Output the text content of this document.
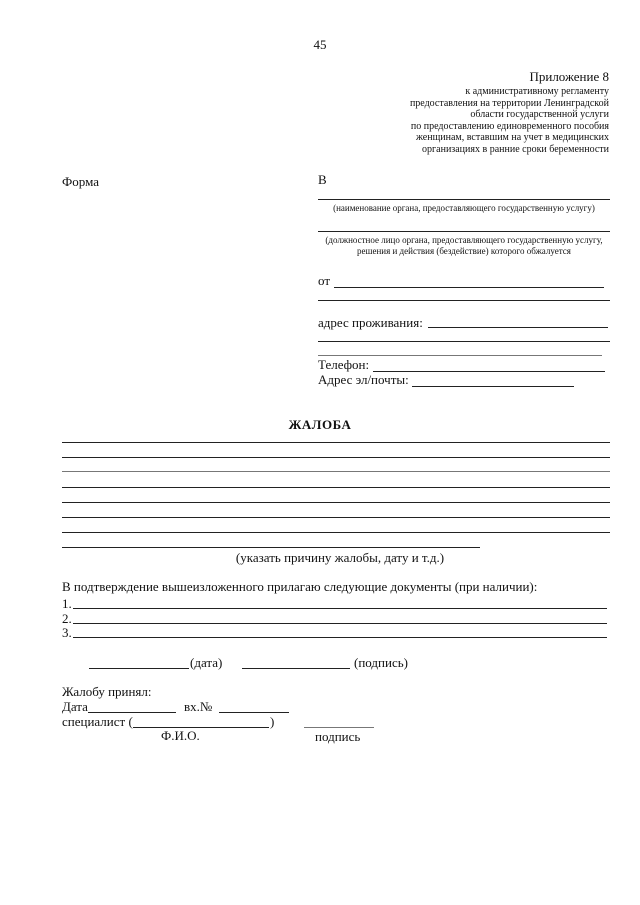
45
Приложение 8
к административному регламенту
предоставления на территории Ленинградской
области государственной услуги
по предоставлению единовременного пособия
женщинам, вставшим на учет в медицинских
организациях в ранние сроки беременности
Форма	В
(наименование органа, предоставляющего государственную услугу)
(должностное лицо органа, предоставляющего государственную услугу, решения и действия (бездействие) которого обжалуется
от
адрес проживания:
Телефон:
Адрес эл/почты:
ЖАЛОБА
(указать причину жалобы, дату и т.д.)
В подтверждение вышеизложенного прилагаю следующие документы (при наличии):
1.
2.
3.
(дата)	(подпись)
Жалобу принял:
Дата	вх.№
специалист (	)
Ф.И.О.	подпись
